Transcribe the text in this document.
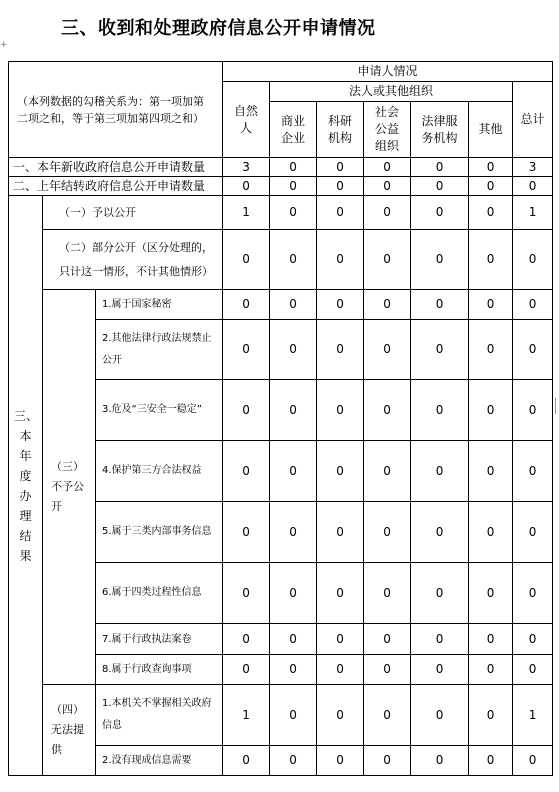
三、收到和处理政府信息公开申请情况
+
（本列数据的勾稽关系为：第一项加第二项之和，等于第三项加第四项之和）			申请人情况						
			自然人	法人或其他组织					总计
				商业企业	科研机构	社会公益组织	法律服务机构	其他	
一、本年新收政府信息公开申请数量			3	0	0	0	0	0	3
二、上年结转政府信息公开申请数量			0	0	0	0	0	0	0
三、本年度办理结果	（一）予以公开		1	0	0	0	0	0	1
	（二）部分公开（区分处理的，只计这一情形，不计其他情形）		0	0	0	0	0	0	0
	（三）不予公开	1.属于国家秘密	0	0	0	0	0	0	0
		2.其他法律行政法规禁止公开	0	0	0	0	0	0	0
		3.危及“三安全一稳定”	0	0	0	0	0	0	0
		4.保护第三方合法权益	0	0	0	0	0	0	0
		5.属于三类内部事务信息	0	0	0	0	0	0	0
		6.属于四类过程性信息	0	0	0	0	0	0	0
		7.属于行政执法案卷	0	0	0	0	0	0	0
		8.属于行政查询事项	0	0	0	0	0	0	0
	（四）无法提供	1.本机关不掌握相关政府信息	1	0	0	0	0	0	1
		2.没有现成信息需要	0	0	0	0	0	0	0
